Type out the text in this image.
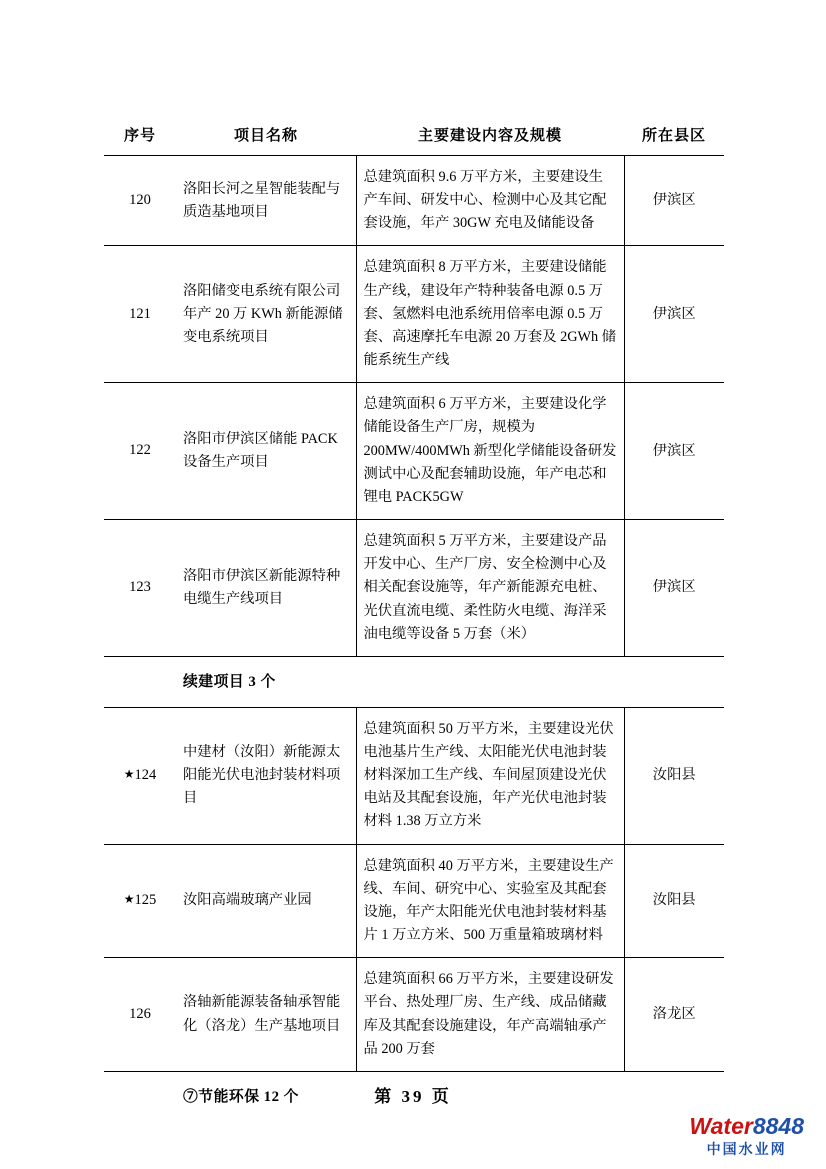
序号	项目名称	主要建设内容及规模	所在县区
120	洛阳长河之星智能装配与质造基地项目	总建筑面积 9.6 万平方米，主要建设生产车间、研发中心、检测中心及其它配套设施，年产 30GW 充电及储能设备	伊滨区
121	洛阳储变电系统有限公司年产 20 万 KWh 新能源储变电系统项目	总建筑面积 8 万平方米，主要建设储能生产线，建设年产特种装备电源 0.5 万套、氢燃料电池系统用倍率电源 0.5 万套、高速摩托车电源 20 万套及 2GWh 储能系统生产线	伊滨区
122	洛阳市伊滨区储能 PACK 设备生产项目	总建筑面积 6 万平方米，主要建设化学储能设备生产厂房，规模为 200MW/400MWh 新型化学储能设备研发测试中心及配套辅助设施，年产电芯和锂电 PACK5GW	伊滨区
123	洛阳市伊滨区新能源特种电缆生产线项目	总建筑面积 5 万平方米，主要建设产品开发中心、生产厂房、安全检测中心及相关配套设施等，年产新能源充电桩、光伏直流电缆、柔性防火电缆、海洋采油电缆等设备 5 万套（米）	伊滨区
	续建项目 3 个		
★124	中建材（汝阳）新能源太阳能光伏电池封装材料项目	总建筑面积 50 万平方米，主要建设光伏电池基片生产线、太阳能光伏电池封装材料深加工生产线、车间屋顶建设光伏电站及其配套设施，年产光伏电池封装材料 1.38 万立方米	汝阳县
★125	汝阳高端玻璃产业园	总建筑面积 40 万平方米，主要建设生产线、车间、研究中心、实验室及其配套设施，年产太阳能光伏电池封装材料基片 1 万立方米、500 万重量箱玻璃材料	汝阳县
126	洛轴新能源装备轴承智能化（洛龙）生产基地项目	总建筑面积 66 万平方米，主要建设研发平台、热处理厂房、生产线、成品储藏库及其配套设施建设，年产高端轴承产品 200 万套	洛龙区
	⑦节能环保 12 个			第 39 页
Water8848
中国水业网
